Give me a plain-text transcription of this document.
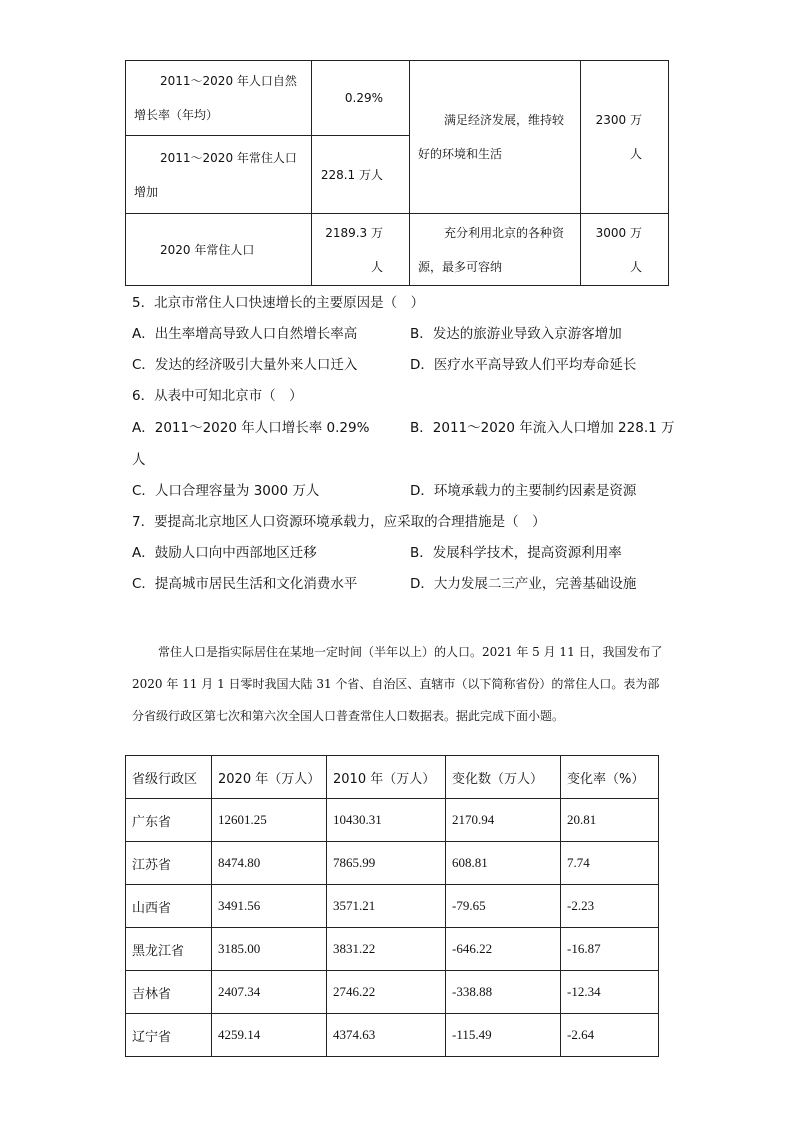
2011～2020 年人口自然增长率（年均）	0.29%	满足经济发展，维持较好的环境和生活	2300 万人
2011～2020 年常住人口增加	228.1 万人		
2020 年常住人口	2189.3 万人	充分利用北京的各种资源，最多可容纳	3000 万人
5．北京市常住人口快速增长的主要原因是（　）
A．出生率增高导致人口自然增长率高	B．发达的旅游业导致入京游客增加
C．发达的经济吸引大量外来人口迁入	D．医疗水平高导致人们平均寿命延长
6．从表中可知北京市（　）
A．2011～2020 年人口增长率 0.29%	B．2011～2020 年流入人口增加 228.1 万
人
C．人口合理容量为 3000 万人	D．环境承载力的主要制约因素是资源
7．要提高北京地区人口资源环境承载力，应采取的合理措施是（　）
A．鼓励人口向中西部地区迁移	B．发展科学技术，提高资源利用率
C．提高城市居民生活和文化消费水平	D．大力发展二三产业，完善基础设施
常住人口是指实际居住在某地一定时间（半年以上）的人口。2021 年 5 月 11 日，我国发布了 2020 年 11 月 1 日零时我国大陆 31 个省、自治区、直辖市（以下简称省份）的常住人口。表为部分省级行政区第七次和第六次全国人口普查常住人口数据表。据此完成下面小题。
省级行政区	2020 年（万人）	2010 年（万人）	变化数（万人）	变化率（%）
广东省	12601.25	10430.31	2170.94	20.81
江苏省	8474.80	7865.99	608.81	7.74
山西省	3491.56	3571.21	-79.65	-2.23
黑龙江省	3185.00	3831.22	-646.22	-16.87
吉林省	2407.34	2746.22	-338.88	-12.34
辽宁省	4259.14	4374.63	-115.49	-2.64
